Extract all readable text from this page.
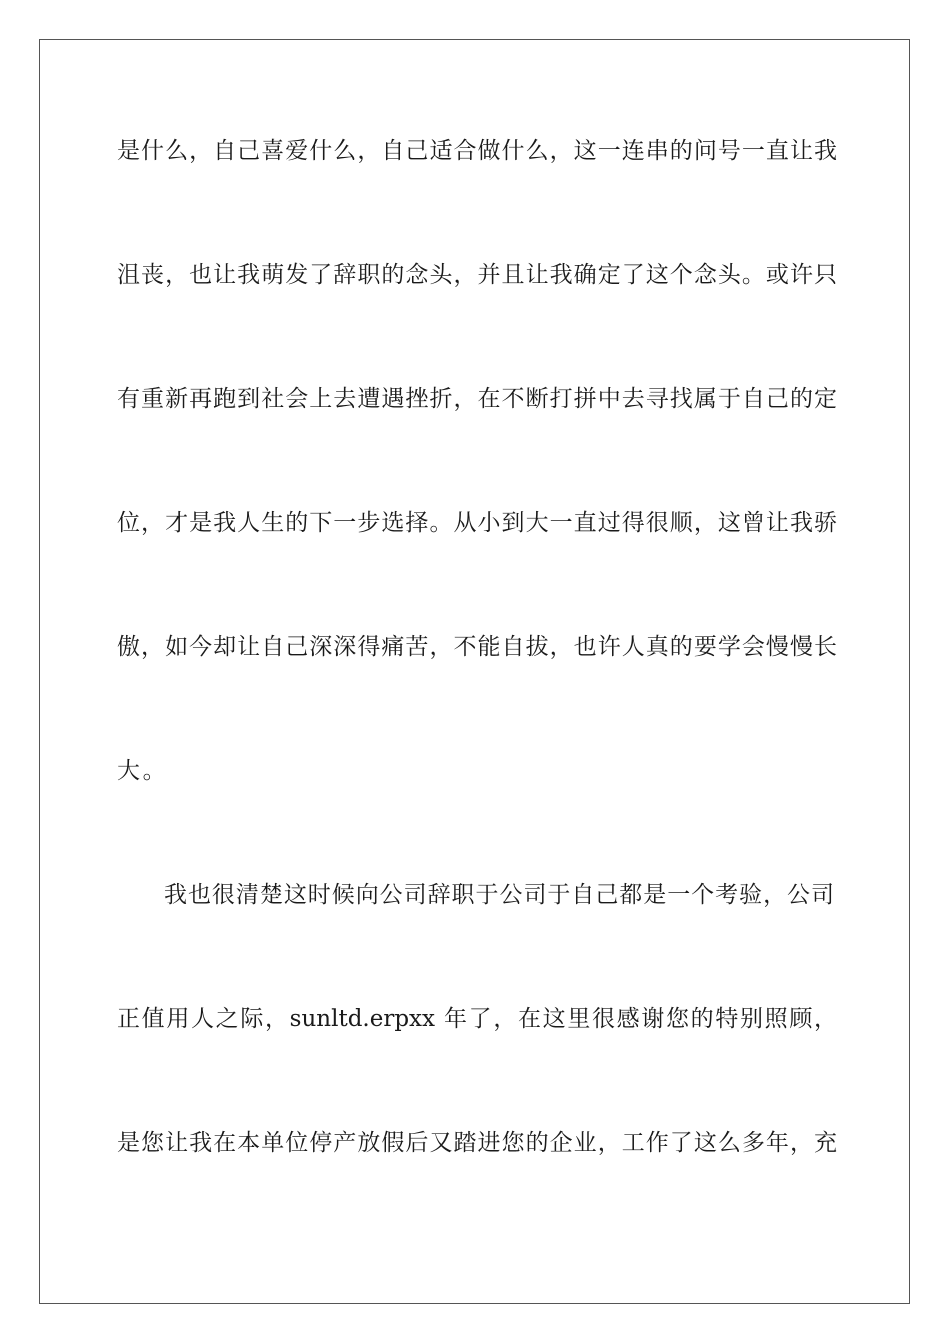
是什么，自己喜爱什么，自己适合做什么，这一连串的问号一直让我

沮丧，也让我萌发了辞职的念头，并且让我确定了这个念头。或许只

有重新再跑到社会上去遭遇挫折，在不断打拼中去寻找属于自己的定

位，才是我人生的下一步选择。从小到大一直过得很顺，这曾让我骄

傲，如今却让自己深深得痛苦，不能自拔，也许人真的要学会慢慢长

大。

我也很清楚这时候向公司辞职于公司于自己都是一个考验，公司

正值用人之际，sunltd.erpxx 年了，在这里很感谢您的特别照顾，

是您让我在本单位停产放假后又踏进您的企业，工作了这么多年，充
